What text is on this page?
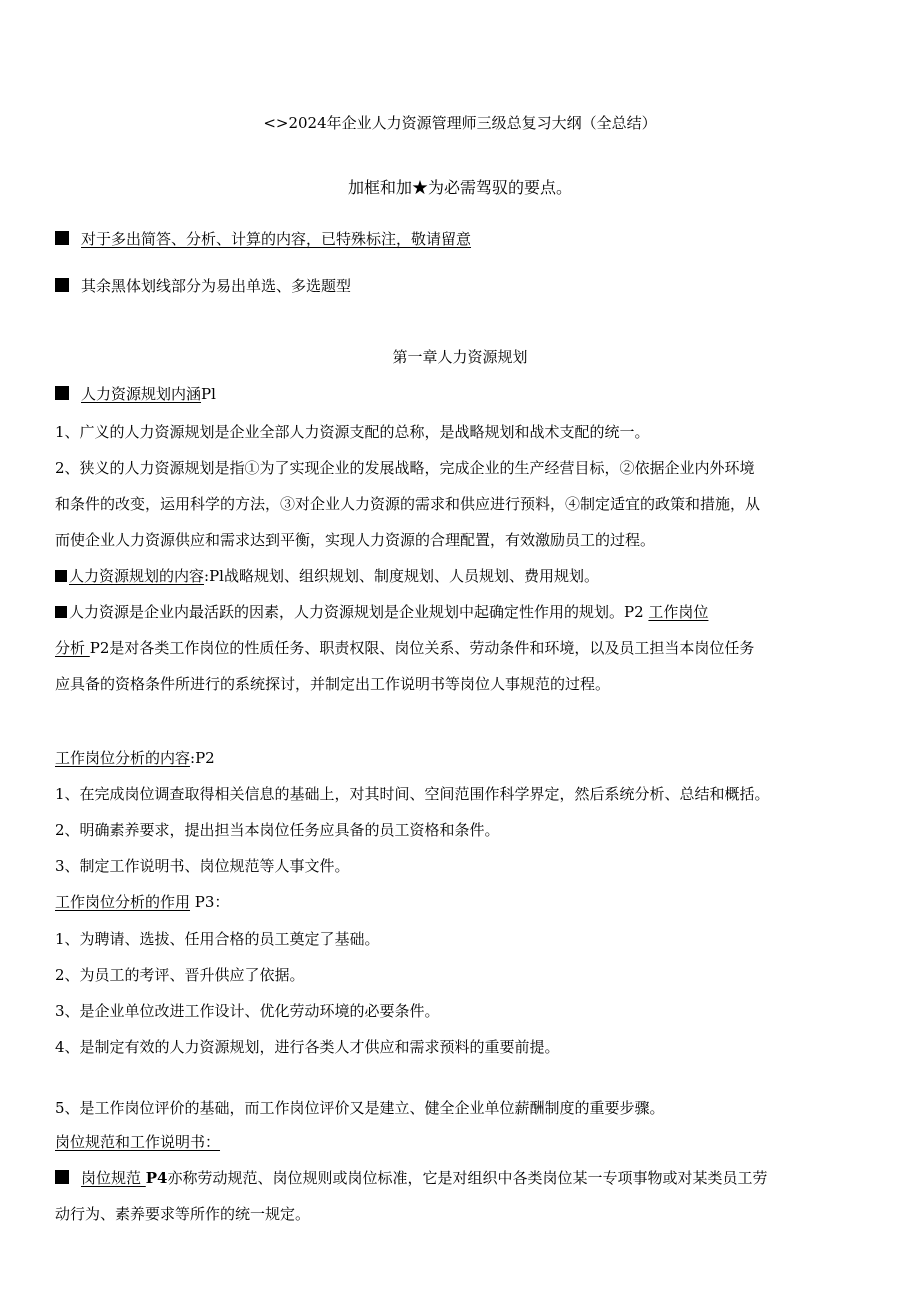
<>2024年企业人力资源管理师三级总复习大纲（全总结）
加框和加★为必需驾驭的要点。
对于多出简答、分析、计算的内容，已特殊标注，敬请留意
其余黑体划线部分为易出单选、多选题型
第一章人力资源规划
人力资源规划内涵Pl
1、广义的人力资源规划是企业全部人力资源支配的总称，是战略规划和战术支配的统一。
2、狭义的人力资源规划是指①为了实现企业的发展战略，完成企业的生产经营目标，②依据企业内外环境
和条件的改变，运用科学的方法，③对企业人力资源的需求和供应进行预料，④制定适宜的政策和措施，从
而使企业人力资源供应和需求达到平衡，实现人力资源的合理配置，有效激励员工的过程。
人力资源规划的内容:Pl战略规划、组织规划、制度规划、人员规划、费用规划。
人力资源是企业内最活跃的因素，人力资源规划是企业规划中起确定性作用的规划。P2 工作岗位
分析 P2是对各类工作岗位的性质任务、职责权限、岗位关系、劳动条件和环境，以及员工担当本岗位任务
应具备的资格条件所进行的系统探讨，并制定出工作说明书等岗位人事规范的过程。
工作岗位分析的内容:P2
1、在完成岗位调查取得相关信息的基础上，对其时间、空间范围作科学界定，然后系统分析、总结和概括。
2、明确素养要求，提出担当本岗位任务应具备的员工资格和条件。
3、制定工作说明书、岗位规范等人事文件。
工作岗位分析的作用 P3：
1、为聘请、选拔、任用合格的员工奠定了基础。
2、为员工的考评、晋升供应了依据。
3、是企业单位改进工作设计、优化劳动环境的必要条件。
4、是制定有效的人力资源规划，进行各类人才供应和需求预料的重要前提。
5、是工作岗位评价的基础，而工作岗位评价又是建立、健全企业单位薪酬制度的重要步骤。
岗位规范和工作说明书：
岗位规范 P4亦称劳动规范、岗位规则或岗位标准，它是对组织中各类岗位某一专项事物或对某类员工劳
动行为、素养要求等所作的统一规定。
